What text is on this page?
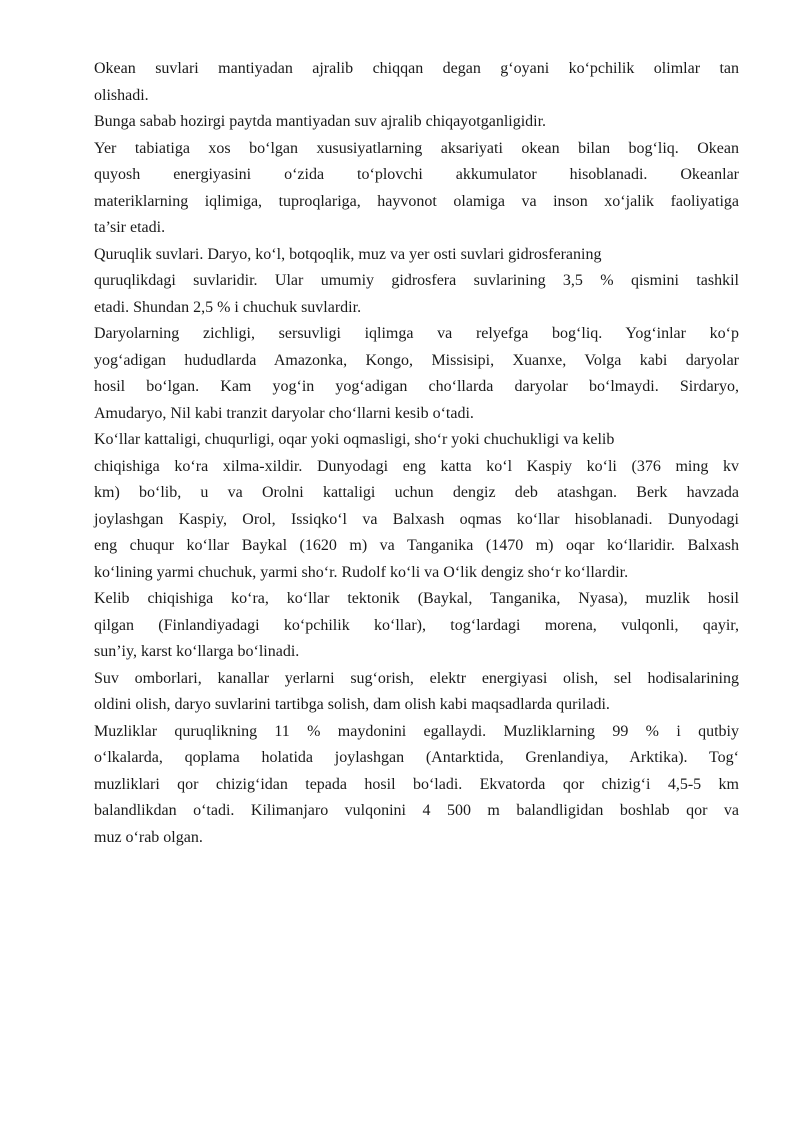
Okean suvlari mantiyadan ajralib chiqqan degan g‘oyani ko‘pchilik olimlar tan
olishadi.

Bunga sabab hozirgi paytda mantiyadan suv ajralib chiqayotganligidir.

Yer tabiatiga xos bo‘lgan xususiyatlarning aksariyati okean bilan bog‘liq. Okean
quyosh energiyasini o‘zida to‘plovchi akkumulator hisoblanadi. Okeanlar
materiklarning iqlimiga, tuproqlariga, hayvonot olamiga va inson xo‘jalik faoliyatiga
ta’sir etadi.

Quruqlik suvlari. Daryo, ko‘l, botqoqlik, muz va yer osti suvlari gidrosferaning
quruqlikdagi suvlaridir. Ular umumiy gidrosfera suvlarining 3,5 % qismini tashkil
etadi. Shundan 2,5 % i chuchuk suvlardir.

Daryolarning zichligi, sersuvligi iqlimga va relyefga bog‘liq. Yog‘inlar ko‘p
yog‘adigan hududlarda Amazonka, Kongo, Missisipi, Xuanxe, Volga kabi daryolar
hosil bo‘lgan. Kam yog‘in yog‘adigan cho‘llarda daryolar bo‘lmaydi. Sirdaryo,
Amudaryo, Nil kabi tranzit daryolar cho‘llarni kesib o‘tadi.

Ko‘llar kattaligi, chuqurligi, oqar yoki oqmasligi, sho‘r yoki chuchukligi va kelib
chiqishiga ko‘ra xilma-xildir. Dunyodagi eng katta ko‘l Kaspiy ko‘li (376 ming kv
km) bo‘lib, u va Orolni kattaligi uchun dengiz deb atashgan. Berk havzada
joylashgan Kaspiy, Orol, Issiqko‘l va Balxash oqmas ko‘llar hisoblanadi. Dunyodagi
eng chuqur ko‘llar Baykal (1620 m) va Tanganika (1470 m) oqar ko‘llaridir. Balxash
ko‘lining yarmi chuchuk, yarmi sho‘r. Rudolf ko‘li va O‘lik dengiz sho‘r ko‘llardir.

Kelib chiqishiga ko‘ra, ko‘llar tektonik (Baykal, Tanganika, Nyasa), muzlik hosil
qilgan (Finlandiyadagi ko‘pchilik ko‘llar), tog‘lardagi morena, vulqonli, qayir,
sun’iy, karst ko‘llarga bo‘linadi.

Suv omborlari, kanallar yerlarni sug‘orish, elektr energiyasi olish, sel hodisalarining
oldini olish, daryo suvlarini tartibga solish, dam olish kabi maqsadlarda quriladi.

Muzliklar quruqlikning 11 % maydonini egallaydi. Muzliklarning 99 % i qutbiy
o‘lkalarda, qoplama holatida joylashgan (Antarktida, Grenlandiya, Arktika). Tog‘
muzliklari qor chizig‘idan tepada hosil bo‘ladi. Ekvatorda qor chizig‘i 4,5-5 km
balandlikdan o‘tadi. Kilimanjaro vulqonini 4 500 m balandligidan boshlab qor va
muz o‘rab olgan.
